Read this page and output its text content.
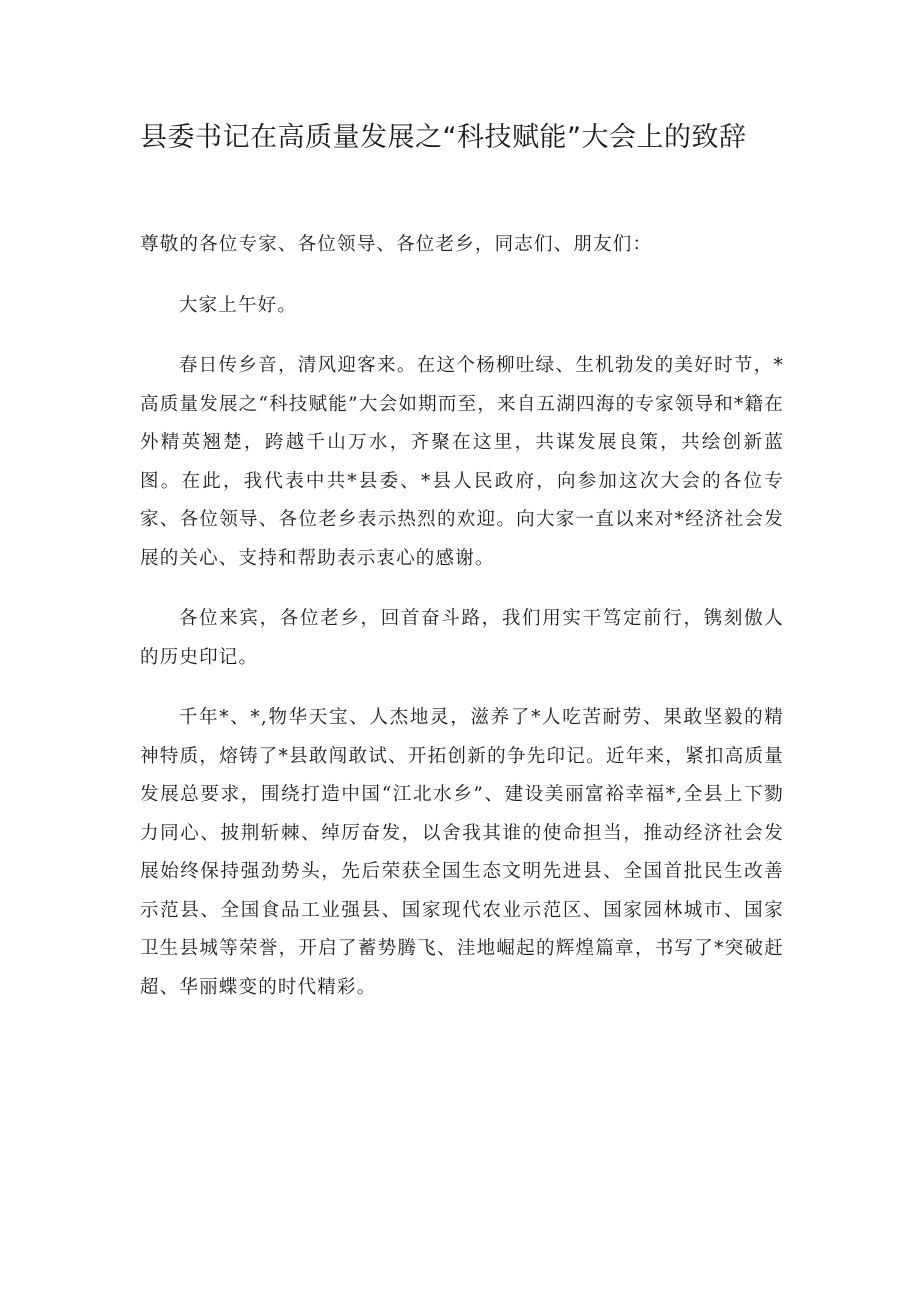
县委书记在高质量发展之“科技赋能”大会上的致辞

尊敬的各位专家、各位领导、各位老乡，同志们、朋友们：

大家上午好。

春日传乡音，清风迎客来。在这个杨柳吐绿、生机勃发的美好时节，*高质量发展之“科技赋能”大会如期而至，来自五湖四海的专家领导和*籍在外精英翘楚，跨越千山万水，齐聚在这里，共谋发展良策，共绘创新蓝图。在此，我代表中共*县委、*县人民政府，向参加这次大会的各位专家、各位领导、各位老乡表示热烈的欢迎。向大家一直以来对*经济社会发展的关心、支持和帮助表示衷心的感谢。

各位来宾，各位老乡，回首奋斗路，我们用实干笃定前行，镌刻傲人的历史印记。

千年*、*,物华天宝、人杰地灵，滋养了*人吃苦耐劳、果敢坚毅的精神特质，熔铸了*县敢闯敢试、开拓创新的争先印记。近年来，紧扣高质量发展总要求，围绕打造中国“江北水乡”、建设美丽富裕幸福*,全县上下勠力同心、披荆斩棘、绰厉奋发，以舍我其谁的使命担当，推动经济社会发展始终保持强劲势头，先后荣获全国生态文明先进县、全国首批民生改善示范县、全国食品工业强县、国家现代农业示范区、国家园林城市、国家卫生县城等荣誉，开启了蓄势腾飞、洼地崛起的辉煌篇章，书写了*突破赶超、华丽蝶变的时代精彩。
